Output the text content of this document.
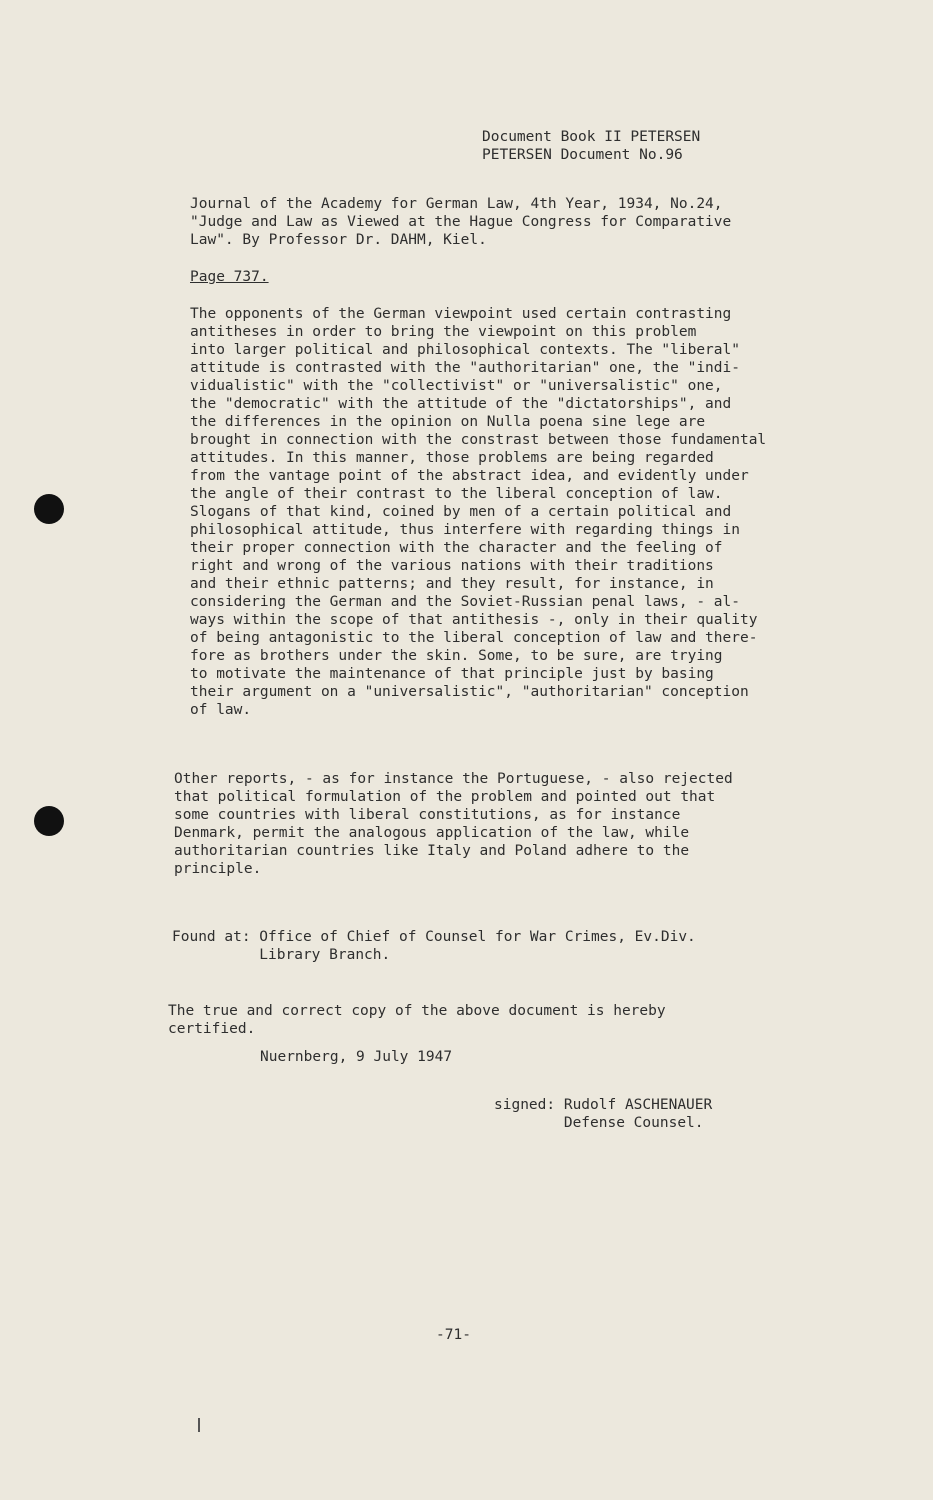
Document Book II PETERSEN
PETERSEN Document No.96
Journal of the Academy for German Law, 4th Year, 1934, No.24,
"Judge and Law as Viewed at the Hague Congress for Comparative
Law". By Professor Dr. DAHM, Kiel.
Page 737.
The opponents of the German viewpoint used certain contrasting
antitheses in order to bring the viewpoint on this problem
into larger political and philosophical contexts. The "liberal"
attitude is contrasted with the "authoritarian" one, the "indi-
vidualistic" with the "collectivist" or "universalistic" one,
the "democratic" with the attitude of the "dictatorships", and
the differences in the opinion on Nulla poena sine lege are
brought in connection with the constrast between those fundamental
attitudes. In this manner, those problems are being regarded
from the vantage point of the abstract idea, and evidently under
the angle of their contrast to the liberal conception of law.
Slogans of that kind, coined by men of a certain political and
philosophical attitude, thus interfere with regarding things in
their proper connection with the character and the feeling of
right and wrong of the various nations with their traditions
and their ethnic patterns; and they result, for instance, in
considering the German and the Soviet-Russian penal laws, - al-
ways within the scope of that antithesis -, only in their quality
of being antagonistic to the liberal conception of law and there-
fore as brothers under the skin. Some, to be sure, are trying
to motivate the maintenance of that principle just by basing
their argument on a "universalistic", "authoritarian" conception
of law.
Other reports, - as for instance the Portuguese, - also rejected
that political formulation of the problem and pointed out that
some countries with liberal constitutions, as for instance
Denmark, permit the analogous application of the law, while
authoritarian countries like Italy and Poland adhere to the
principle.
Found at: Office of Chief of Counsel for War Crimes, Ev.Div.
Library Branch.
The true and correct copy of the above document is hereby
certified.
Nuernberg, 9 July 1947
signed: Rudolf ASCHENAUER
Defense Counsel.
-71-
